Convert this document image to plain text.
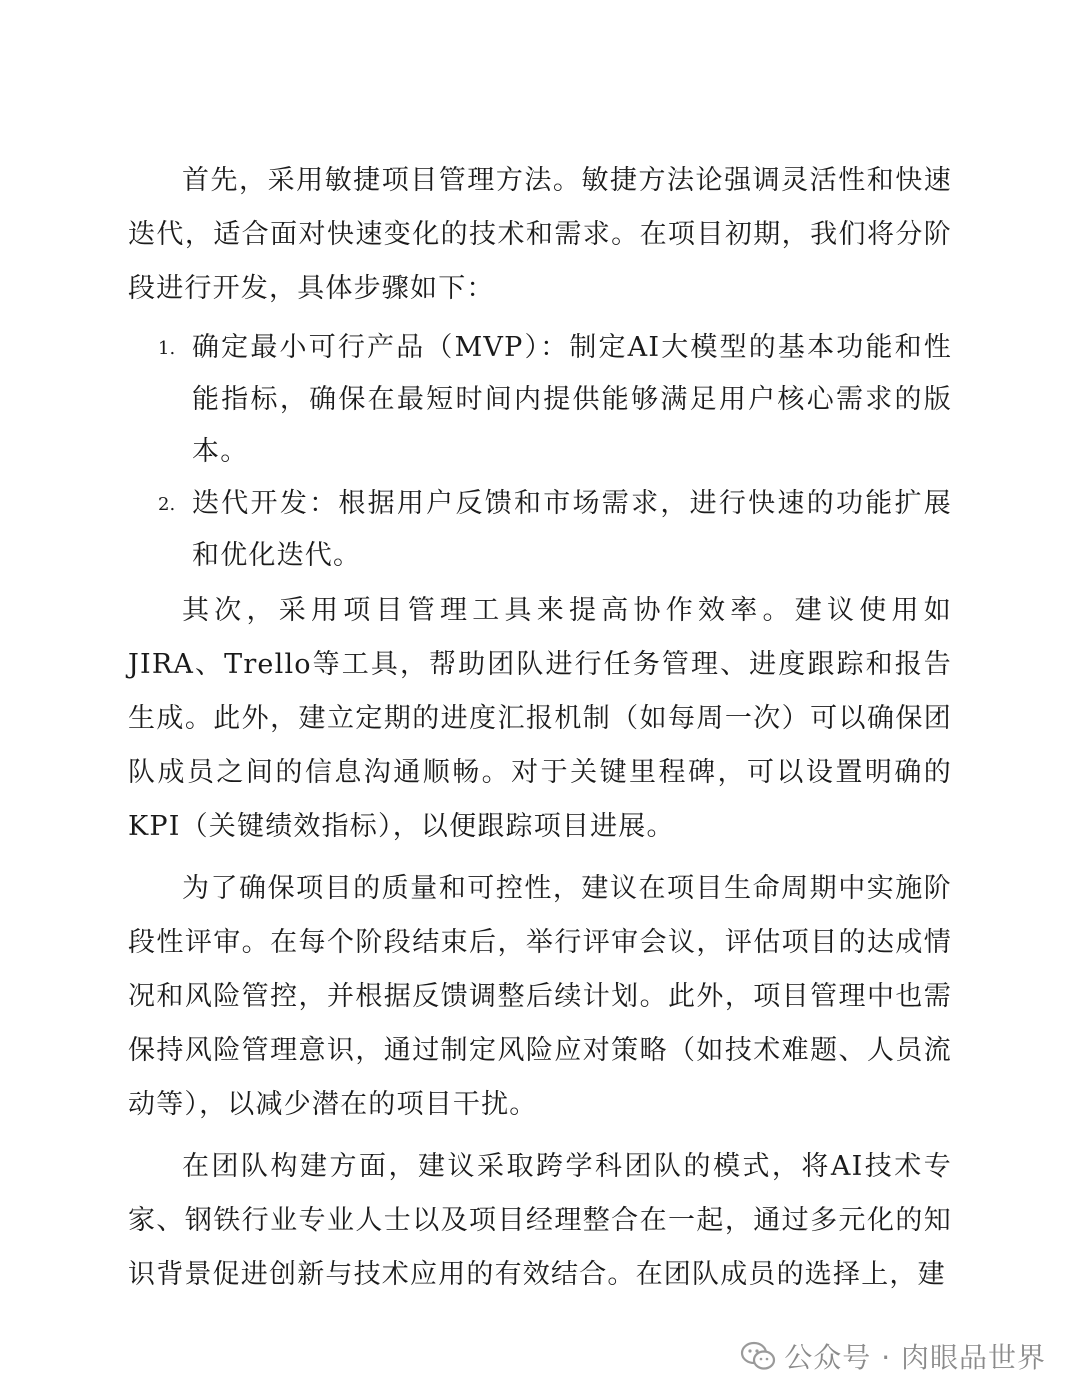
首先，采用敏捷项目管理方法。敏捷方法论强调灵活性和快速迭代，适合面对快速变化的技术和需求。在项目初期，我们将分阶段进行开发，具体步骤如下：

1. 确定最小可行产品（MVP）：制定AI大模型的基本功能和性能指标，确保在最短时间内提供能够满足用户核心需求的版本。
2. 迭代开发：根据用户反馈和市场需求，进行快速的功能扩展和优化迭代。

其次，采用项目管理工具来提高协作效率。建议使用如JIRA、Trello等工具，帮助团队进行任务管理、进度跟踪和报告生成。此外，建立定期的进度汇报机制（如每周一次）可以确保团队成员之间的信息沟通顺畅。对于关键里程碑，可以设置明确的KPI（关键绩效指标），以便跟踪项目进展。

为了确保项目的质量和可控性，建议在项目生命周期中实施阶段性评审。在每个阶段结束后，举行评审会议，评估项目的达成情况和风险管控，并根据反馈调整后续计划。此外，项目管理中也需保持风险管理意识，通过制定风险应对策略（如技术难题、人员流动等），以减少潜在的项目干扰。

在团队构建方面，建议采取跨学科团队的模式，将AI技术专家、钢铁行业专业人士以及项目经理整合在一起，通过多元化的知识背景促进创新与技术应用的有效结合。在团队成员的选择上，建

公众号 · 肉眼品世界
